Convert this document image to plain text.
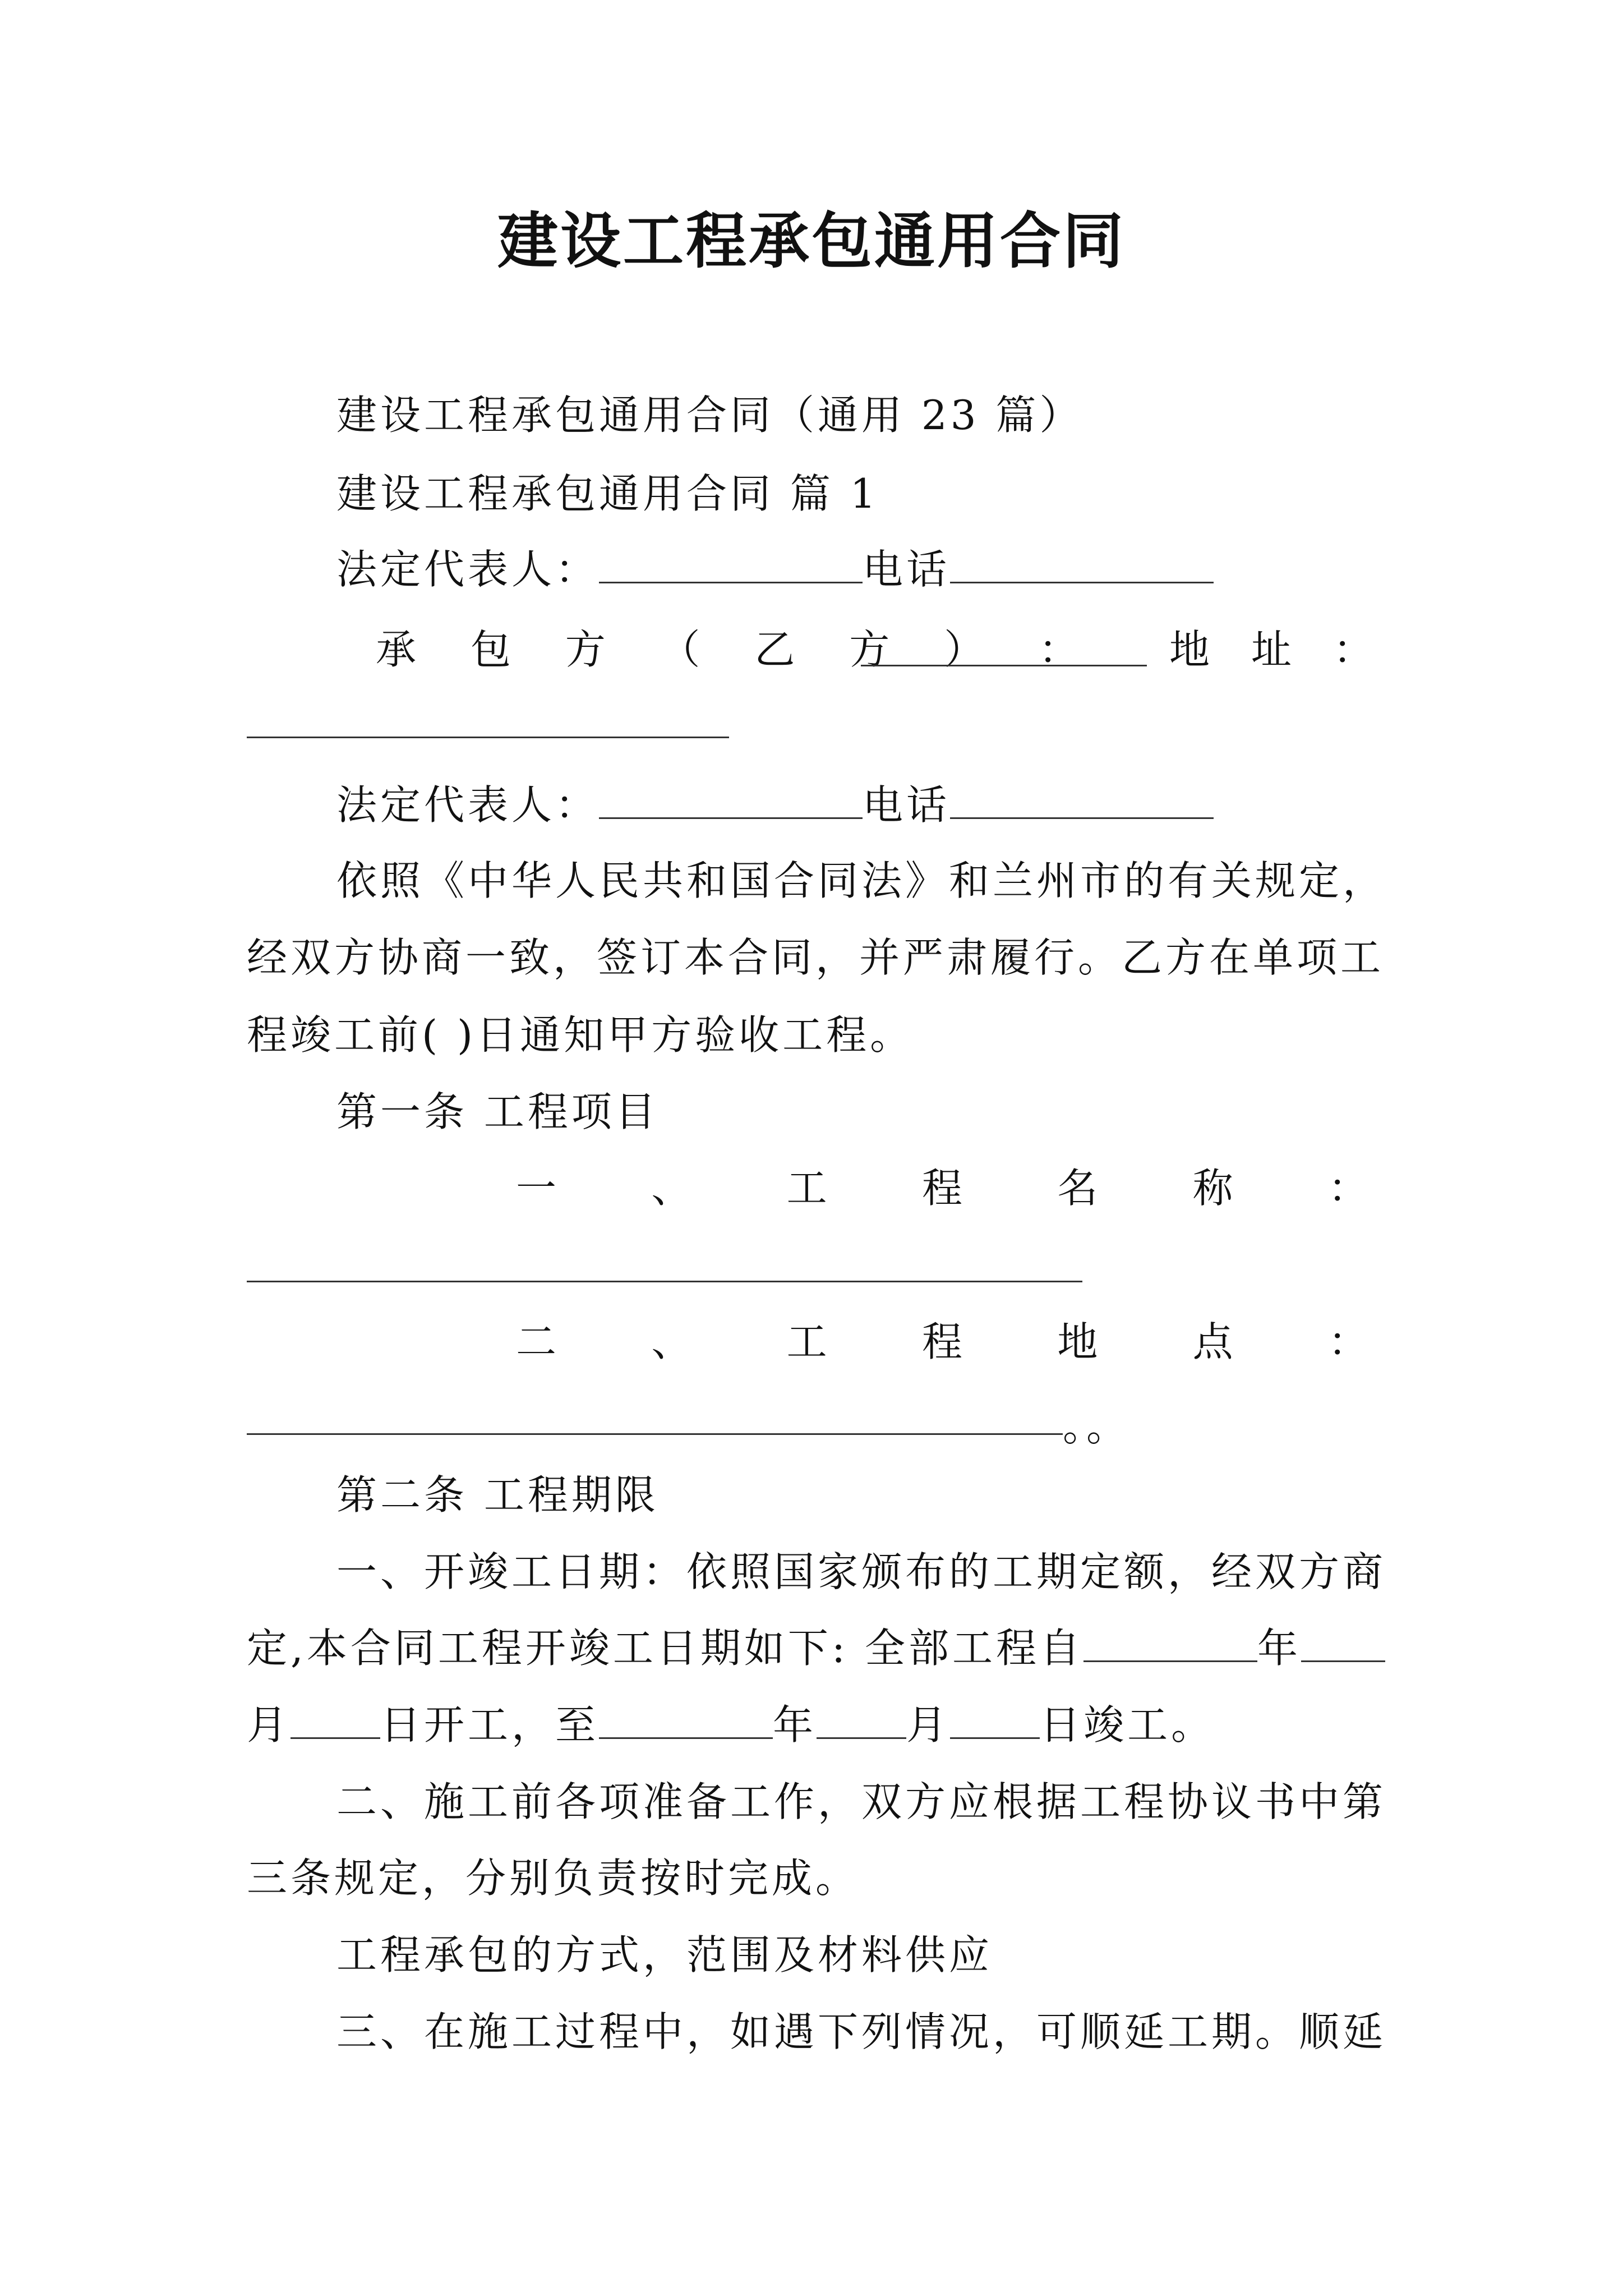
建设工程承包通用合同
建设工程承包通用合同（通用 23 篇）
建设工程承包通用合同 篇 1
法定代表人：	电话
承 包 方 （ 乙 方 ） ： 地 址 ：
法定代表人：	电话
依照《中华人民共和国合同法》和兰州市的有关规定，
经双方协商一致，签订本合同，并严肃履行。乙方在单项工
程竣工前( )日通知甲方验收工程。
第一条 工程项目
一 、 工 程 名 称 ：
二 、 工 程 地 点 ：
。。
第二条 工程期限
一、开竣工日期：依照国家颁布的工期定额，经双方商
定,本合同工程开竣工日期如下: 全部工程自	年
月 日开工，至	年 月 日竣工。
二、施工前各项准备工作，双方应根据工程协议书中第
三条规定，分别负责按时完成。
工程承包的方式，范围及材料供应
三、在施工过程中，如遇下列情况，可顺延工期。顺延
